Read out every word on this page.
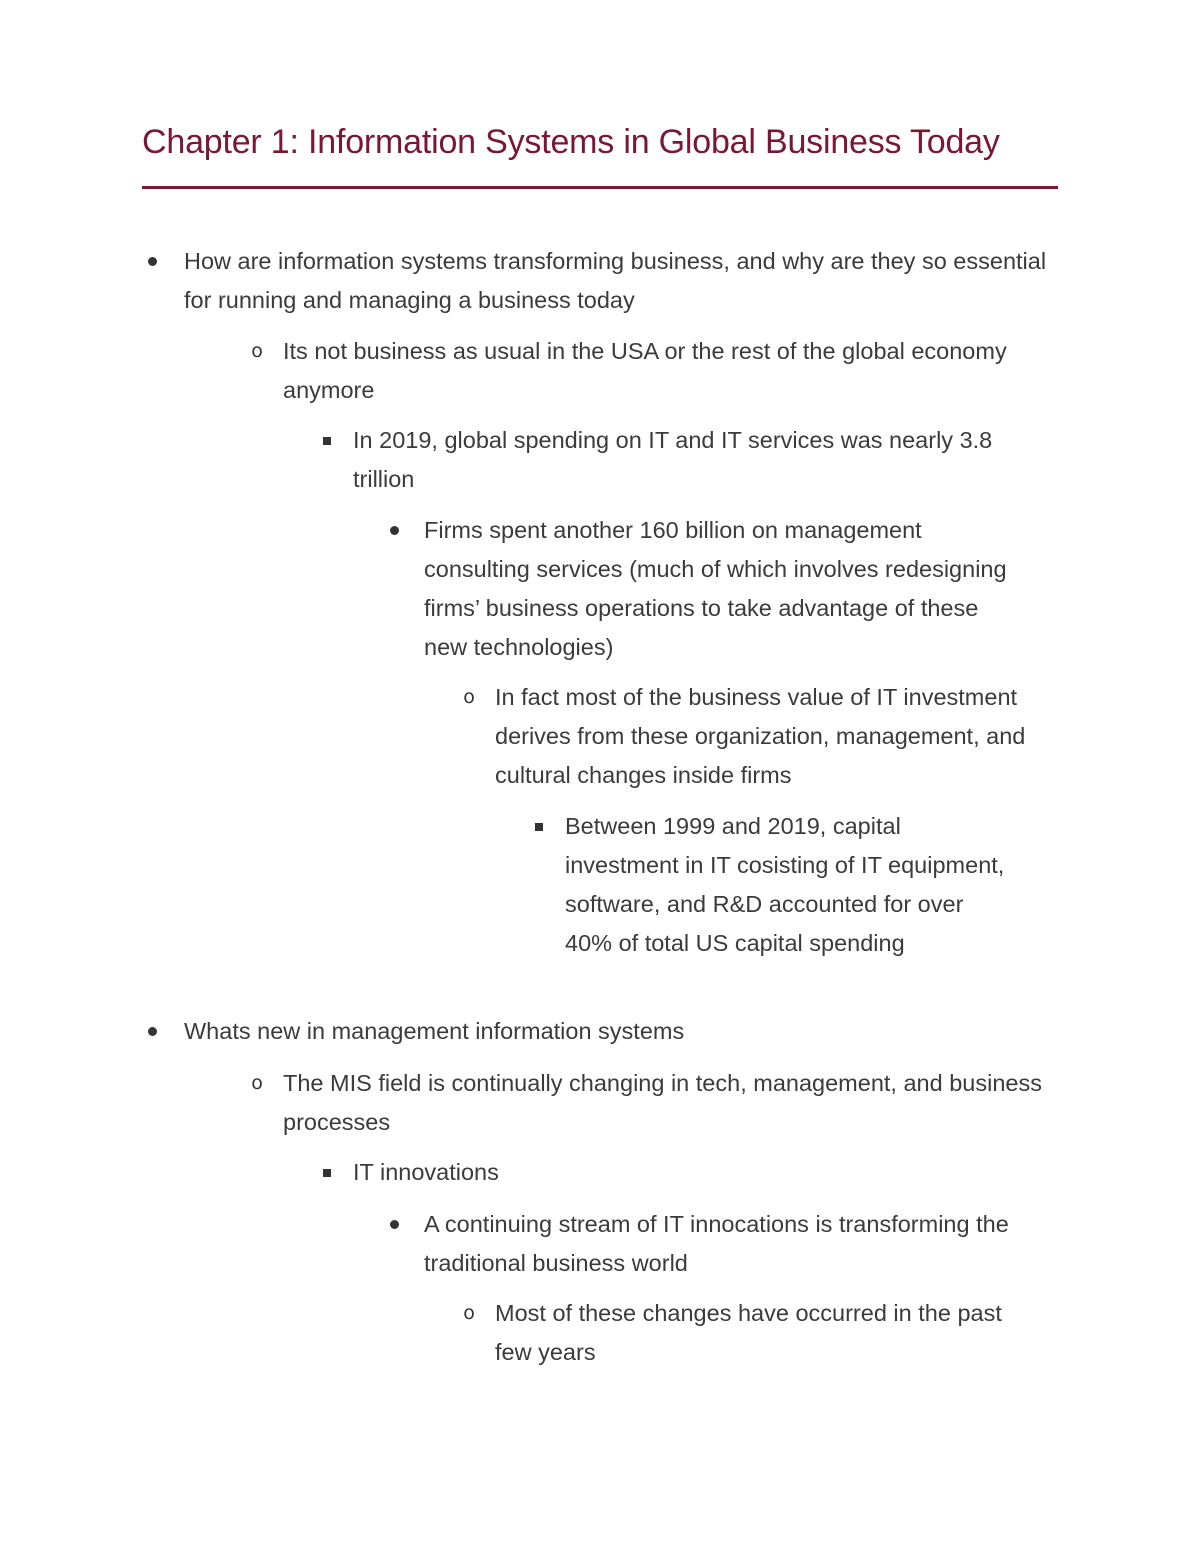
Chapter 1: Information Systems in Global Business Today
How are information systems transforming business, and why are they so essential for running and managing a business today
o Its not business as usual in the USA or the rest of the global economy anymore
In 2019, global spending on IT and IT services was nearly 3.8 trillion
Firms spent another 160 billion on management consulting services (much of which involves redesigning firms’ business operations to take advantage of these new technologies)
o In fact most of the business value of IT investment derives from these organization, management, and cultural changes inside firms
Between 1999 and 2019, capital investment in IT cosisting of IT equipment, software, and R&D accounted for over 40% of total US capital spending
Whats new in management information systems
o The MIS field is continually changing in tech, management, and business processes
IT innovations
A continuing stream of IT innocations is transforming the traditional business world
o Most of these changes have occurred in the past few years
